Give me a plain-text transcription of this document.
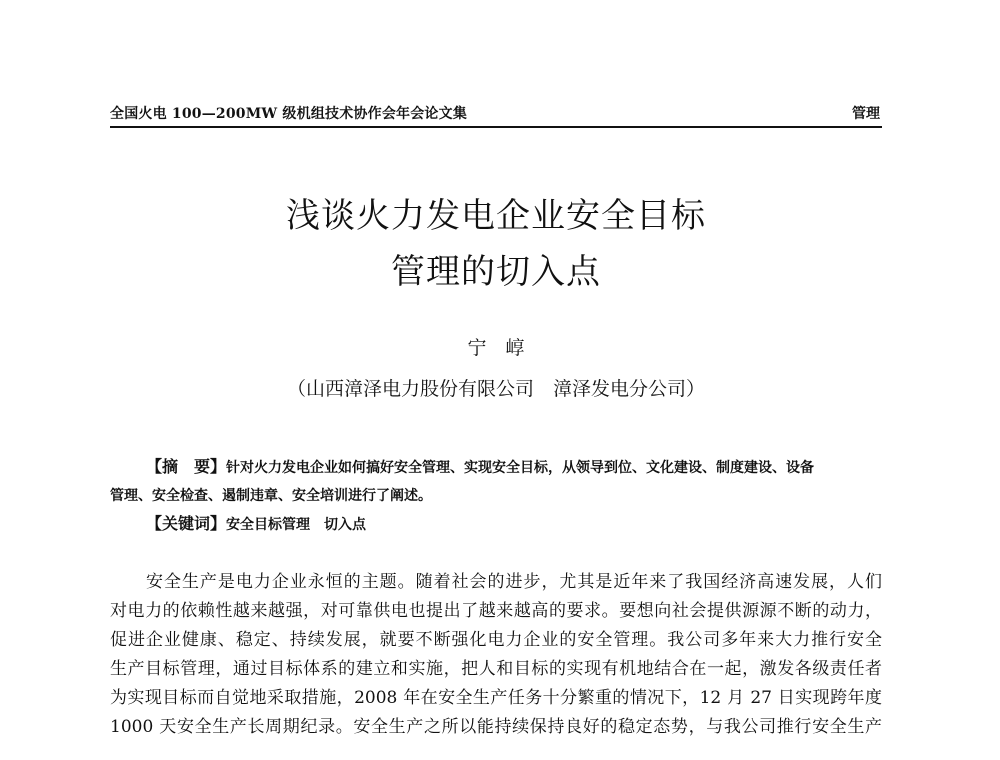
全国火电 100—200MW 级机组技术协作会年会论文集	管理
浅谈火力发电企业安全目标
管理的切入点
宁　崞
（山西漳泽电力股份有限公司　漳泽发电分公司）
【摘　要】针对火力发电企业如何搞好安全管理、实现安全目标，从领导到位、文化建设、制度建设、设备
管理、安全检查、遏制违章、安全培训进行了阐述。
【关键词】安全目标管理　切入点
安全生产是电力企业永恒的主题。随着社会的进步，尤其是近年来了我国经济高速发展，人们
对电力的依赖性越来越强，对可靠供电也提出了越来越高的要求。要想向社会提供源源不断的动力，
促进企业健康、稳定、持续发展，就要不断强化电力企业的安全管理。我公司多年来大力推行安全
生产目标管理，通过目标体系的建立和实施，把人和目标的实现有机地结合在一起，激发各级责任者
为实现目标而自觉地采取措施，2008 年在安全生产任务十分繁重的情况下，12 月 27 日实现跨年度
1000 天安全生产长周期纪录。安全生产之所以能持续保持良好的稳定态势，与我公司推行安全生产
